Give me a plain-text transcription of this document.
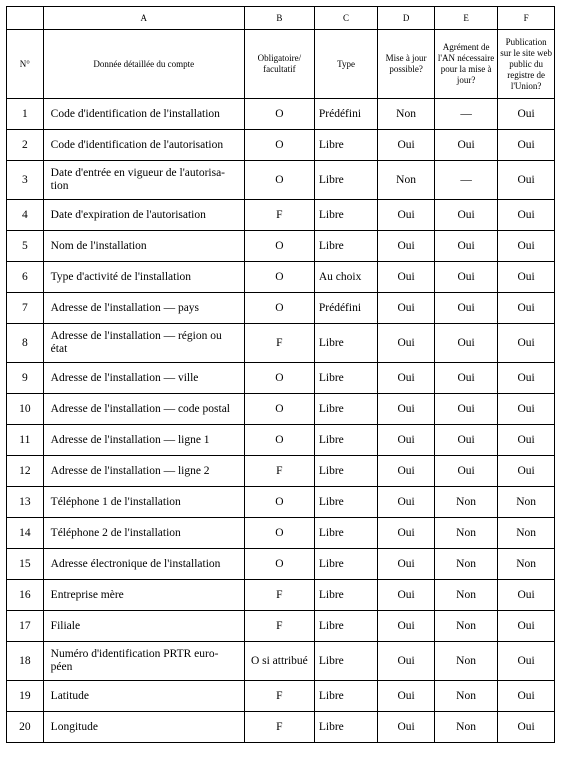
	A	B	C	D	E	F
N°	Donnée détaillée du compte	Obligatoire/ facultatif	Type	Mise à jour possible?	Agrément de l'AN nécessaire pour la mise à jour?	Publication sur le site web public du registre de l'Union?
1	Code d'identification de l'installation	O	Prédéfini	Non	—	Oui
2	Code d'identification de l'autorisation	O	Libre	Oui	Oui	Oui
3	Date d'entrée en vigueur de l'autorisa-tion	O	Libre	Non	—	Oui
4	Date d'expiration de l'autorisation	F	Libre	Oui	Oui	Oui
5	Nom de l'installation	O	Libre	Oui	Oui	Oui
6	Type d'activité de l'installation	O	Au choix	Oui	Oui	Oui
7	Adresse de l'installation — pays	O	Prédéfini	Oui	Oui	Oui
8	Adresse de l'installation — région ou état	F	Libre	Oui	Oui	Oui
9	Adresse de l'installation — ville	O	Libre	Oui	Oui	Oui
10	Adresse de l'installation — code postal	O	Libre	Oui	Oui	Oui
11	Adresse de l'installation — ligne 1	O	Libre	Oui	Oui	Oui
12	Adresse de l'installation — ligne 2	F	Libre	Oui	Oui	Oui
13	Téléphone 1 de l'installation	O	Libre	Oui	Non	Non
14	Téléphone 2 de l'installation	O	Libre	Oui	Non	Non
15	Adresse électronique de l'installation	O	Libre	Oui	Non	Non
16	Entreprise mère	F	Libre	Oui	Non	Oui
17	Filiale	F	Libre	Oui	Non	Oui
18	Numéro d'identification PRTR euro-péen	O si attribué	Libre	Oui	Non	Oui
19	Latitude	F	Libre	Oui	Non	Oui
20	Longitude	F	Libre	Oui	Non	Oui
